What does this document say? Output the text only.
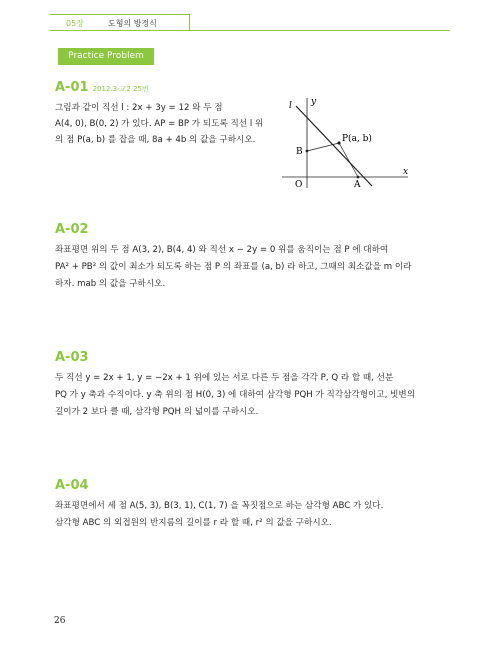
05장	도형의 방정식
Practice Problem
A-01 2012.3-교2 25번
그림과 같이 직선 l : 2x + 3y = 12 와 두 점
A(4, 0), B(0, 2) 가 있다. AP = BP 가 되도록 직선 l 위
의 점 P(a, b) 를 잡을 때, 8a + 4b 의 값을 구하시오.
l y
x
O	A
B
P(a, b)
A-02
좌표평면 위의 두 점 A(3, 2), B(4, 4) 와 직선 x − 2y = 0 위를 움직이는 점 P 에 대하여
PA² + PB² 의 값이 최소가 되도록 하는 점 P 의 좌표를 (a, b) 라 하고, 그때의 최소값을 m 이라
하자. mab 의 값을 구하시오.
A-03
두 직선 y = 2x + 1, y = −2x + 1 위에 있는 서로 다른 두 점을 각각 P, Q 라 할 때, 선분
PQ 가 y 축과 수직이다. y 축 위의 점 H(0, 3) 에 대하여 삼각형 PQH 가 직각삼각형이고, 빗변의
길이가 2 보다 클 때, 삼각형 PQH 의 넓이를 구하시오.
A-04
좌표평면에서 세 점 A(5, 3), B(3, 1), C(1, 7) 을 꼭짓점으로 하는 삼각형 ABC 가 있다.
삼각형 ABC 의 외접원의 반지름의 길이를 r 라 할 때, r² 의 값을 구하시오.
26
